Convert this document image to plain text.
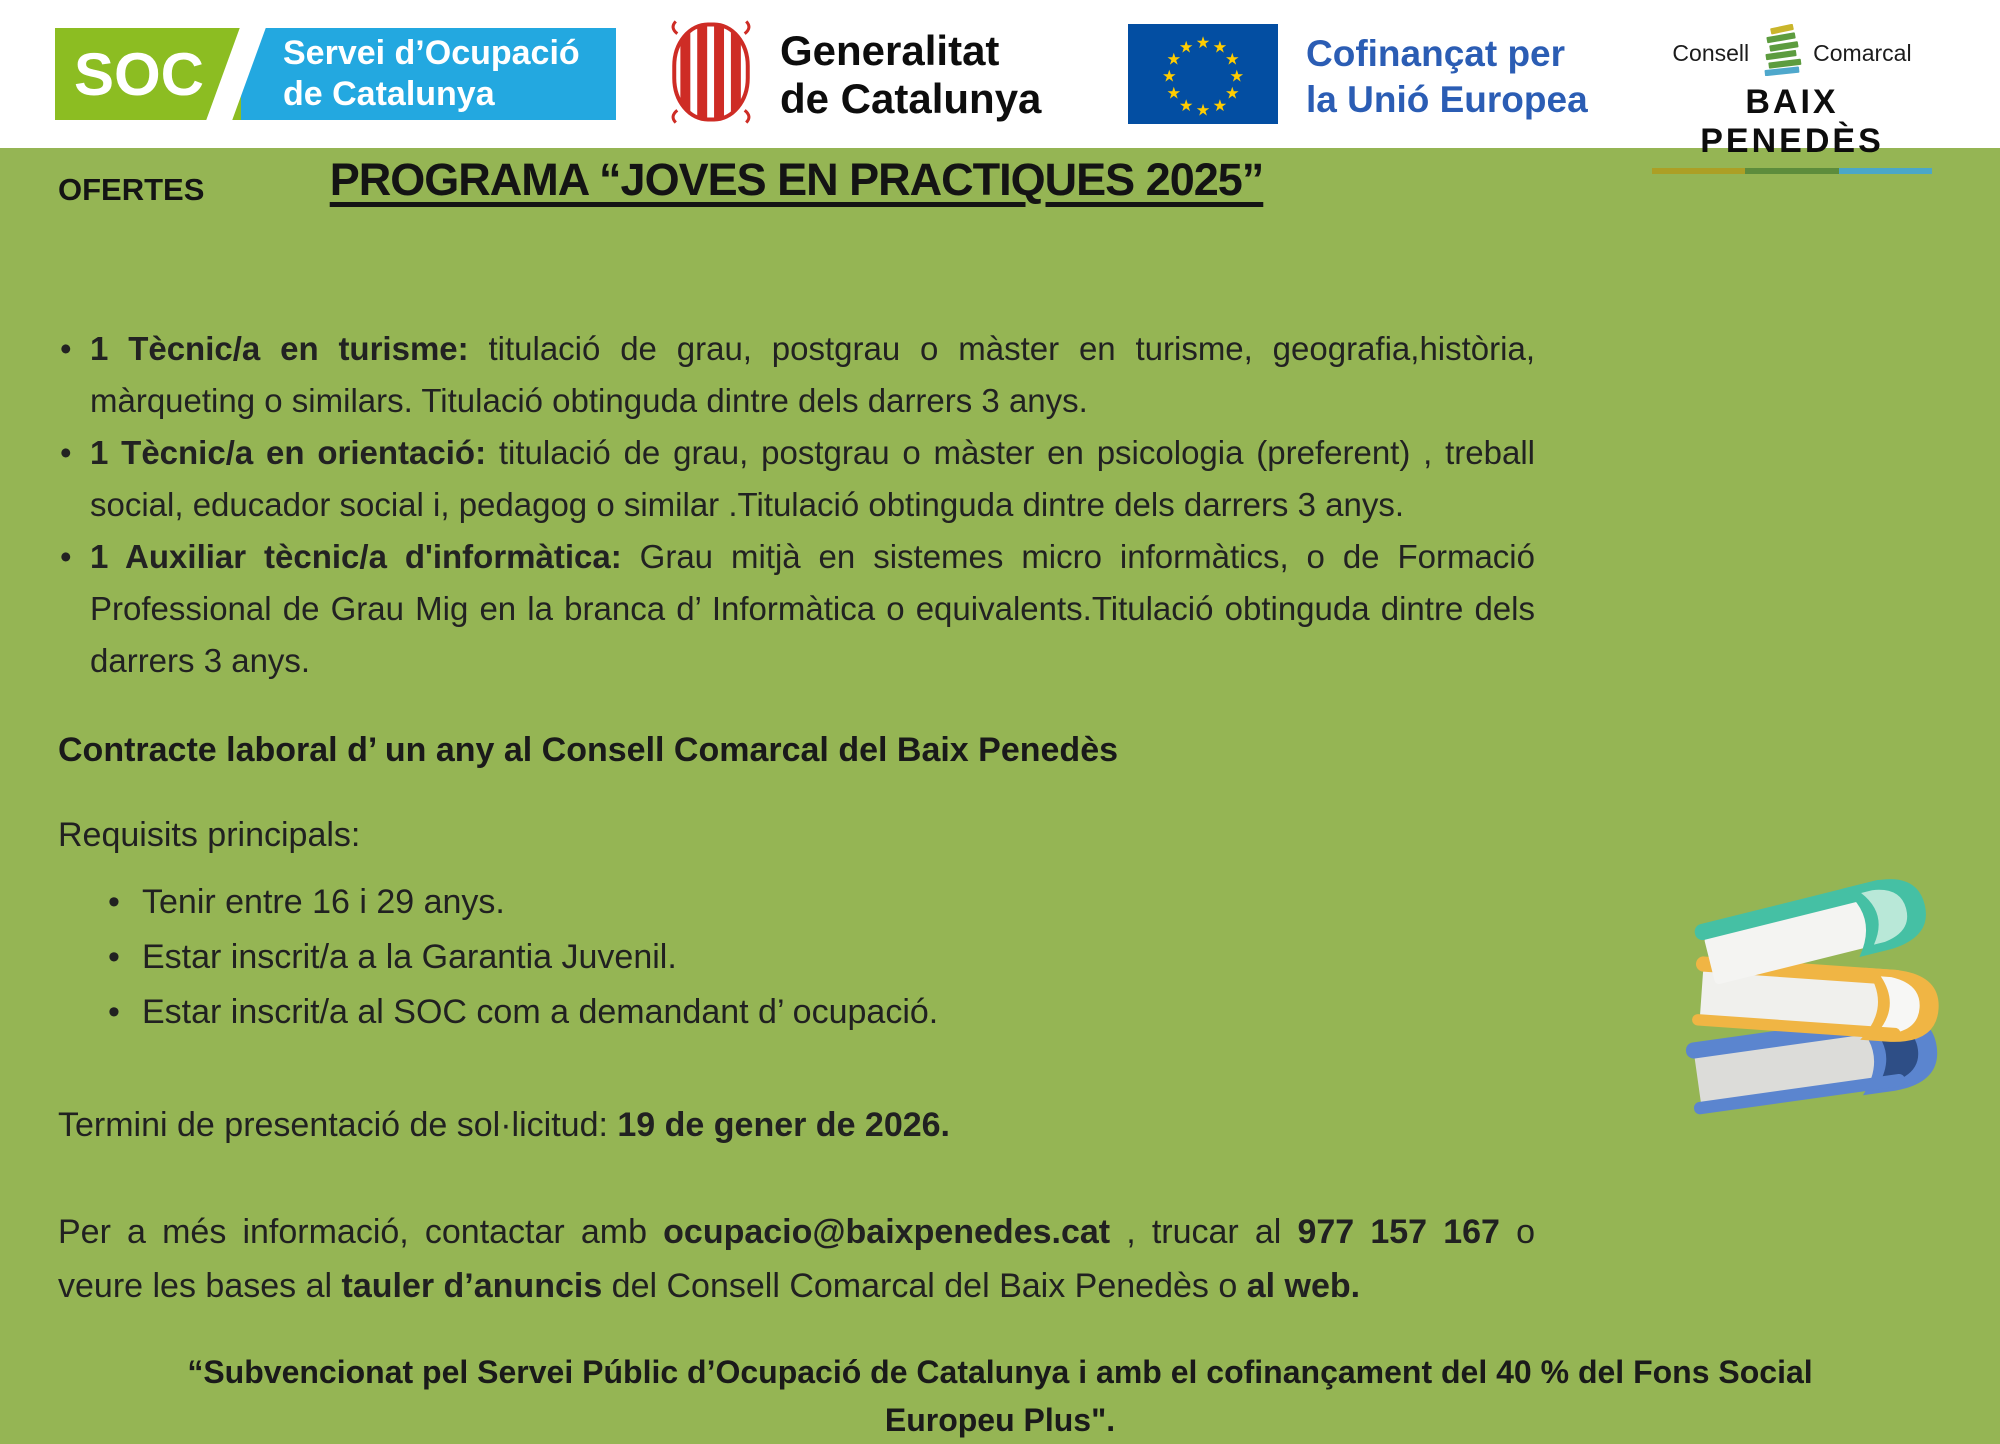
SOC	Servei d’Ocupació
de Catalunya
Generalitat
de Catalunya
★ ★
★
★
★
★
★
★
★
★
★
★	Cofinançat per
la Unió Europea
Consell	Comarcal
BAIX PENEDÈS
PROGRAMA “JOVES EN PRACTIQUES 2025”
OFERTES
• 1 Tècnic/a en turisme: titulació de grau, postgrau o màster en turisme, geografia,història, màrqueting o similars. Titulació obtinguda dintre dels darrers 3 anys.
• 1 Tècnic/a en orientació: titulació de grau, postgrau o màster en psicologia (preferent) , treball social, educador social i, pedagog o similar .Titulació obtinguda dintre dels darrers 3 anys.
• 1 Auxiliar tècnic/a d'informàtica: Grau mitjà en sistemes micro informàtics, o de Formació Professional de Grau Mig en la branca d’ Informàtica o equivalents.Titulació obtinguda dintre dels darrers 3 anys.

Contracte laboral d’ un any al Consell Comarcal del Baix Penedès

Requisits principals:

• Tenir entre 16 i 29 anys.
• Estar inscrit/a a la Garantia Juvenil.
• Estar inscrit/a al SOC com a demandant d’ ocupació.

Termini de presentació de sol·licitud: 19 de gener de 2026.

Per a més informació, contactar amb ocupacio@baixpenedes.cat , trucar al 977 157 167 o veure les bases al tauler d’anuncis del Consell Comarcal del Baix Penedès o al web.

“Subvencionat pel Servei Públic d’Ocupació de Catalunya i amb el cofinançament del 40 % del Fons Social
Europeu Plus".
